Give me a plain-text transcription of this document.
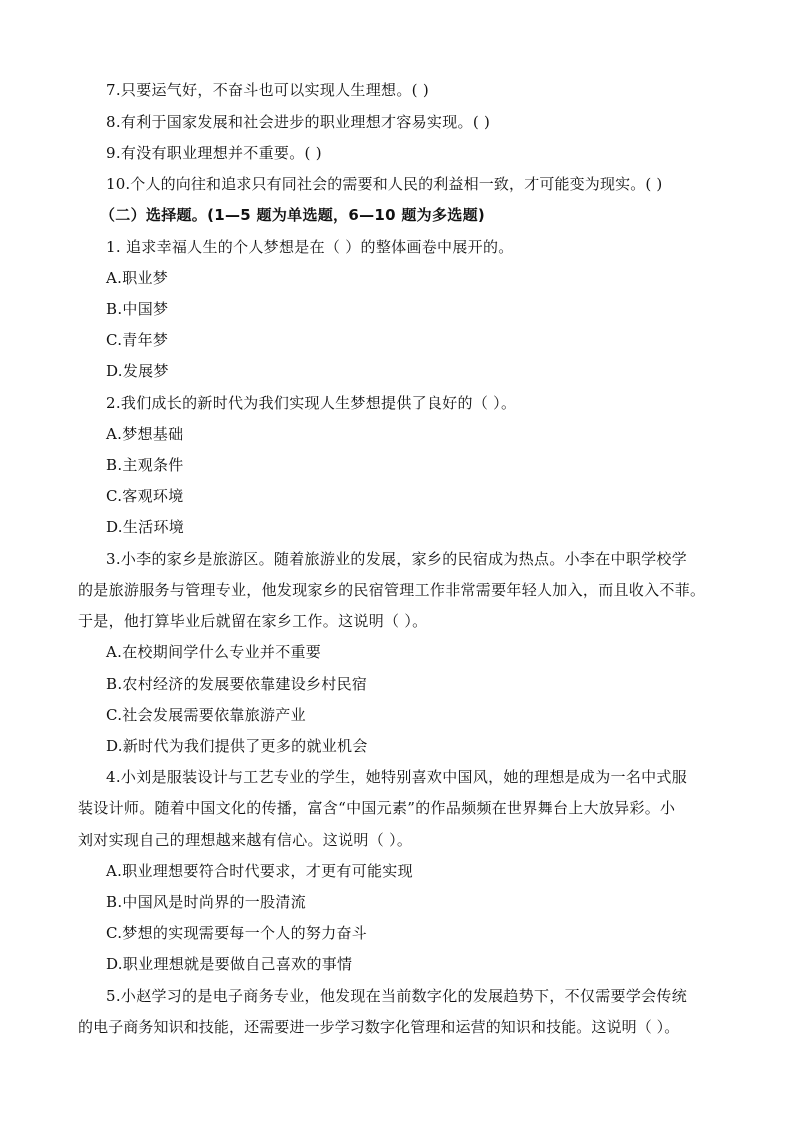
7.只要运气好，不奋斗也可以实现人生理想。( )
8.有利于国家发展和社会进步的职业理想才容易实现。( )
9.有没有职业理想并不重要。( )
10.个人的向往和追求只有同社会的需要和人民的利益相一致，才可能变为现实。( )
（二）选择题。(1—5 题为单选题，6—10 题为多选题)
1. 追求幸福人生的个人梦想是在（ ）的整体画卷中展开的。
A.职业梦
B.中国梦
C.青年梦
D.发展梦
2.我们成长的新时代为我们实现人生梦想提供了良好的（ ）。
A.梦想基础
B.主观条件
C.客观环境
D.生活环境
3.小李的家乡是旅游区。随着旅游业的发展，家乡的民宿成为热点。小李在中职学校学
的是旅游服务与管理专业，他发现家乡的民宿管理工作非常需要年轻人加入，而且收入不菲。
于是，他打算毕业后就留在家乡工作。这说明（ ）。
A.在校期间学什么专业并不重要
B.农村经济的发展要依靠建设乡村民宿
C.社会发展需要依靠旅游产业
D.新时代为我们提供了更多的就业机会
4.小刘是服装设计与工艺专业的学生，她特别喜欢中国风，她的理想是成为一名中式服
装设计师。随着中国文化的传播，富含“中国元素”的作品频频在世界舞台上大放异彩。小
刘对实现自己的理想越来越有信心。这说明（ ）。
A.职业理想要符合时代要求，才更有可能实现
B.中国风是时尚界的一股清流
C.梦想的实现需要每一个人的努力奋斗
D.职业理想就是要做自己喜欢的事情
5.小赵学习的是电子商务专业，他发现在当前数字化的发展趋势下，不仅需要学会传统
的电子商务知识和技能，还需要进一步学习数字化管理和运营的知识和技能。这说明（ ）。
